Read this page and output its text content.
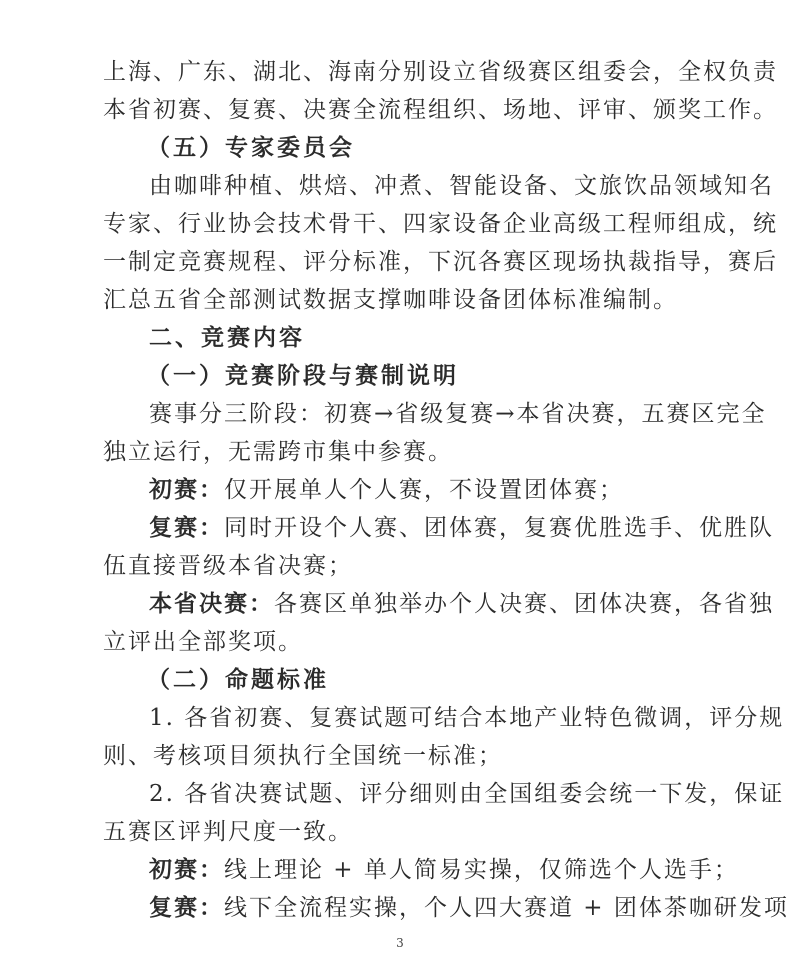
上海、广东、湖北、海南分别设立省级赛区组委会，全权负责
本省初赛、复赛、决赛全流程组织、场地、评审、颁奖工作。
（五）专家委员会
由咖啡种植、烘焙、冲煮、智能设备、文旅饮品领域知名
专家、行业协会技术骨干、四家设备企业高级工程师组成，统
一制定竞赛规程、评分标准，下沉各赛区现场执裁指导，赛后
汇总五省全部测试数据支撑咖啡设备团体标准编制。
二、竞赛内容
（一）竞赛阶段与赛制说明
赛事分三阶段：初赛→省级复赛→本省决赛，五赛区完全
独立运行，无需跨市集中参赛。
初赛：仅开展单人个人赛，不设置团体赛；
复赛：同时开设个人赛、团体赛，复赛优胜选手、优胜队
伍直接晋级本省决赛；
本省决赛：各赛区单独举办个人决赛、团体决赛，各省独
立评出全部奖项。
（二）命题标准
1. 各省初赛、复赛试题可结合本地产业特色微调，评分规
则、考核项目须执行全国统一标准；
2. 各省决赛试题、评分细则由全国组委会统一下发，保证
五赛区评判尺度一致。
初赛：线上理论 + 单人简易实操，仅筛选个人选手；
复赛：线下全流程实操，个人四大赛道 + 团体茶咖研发项
3
